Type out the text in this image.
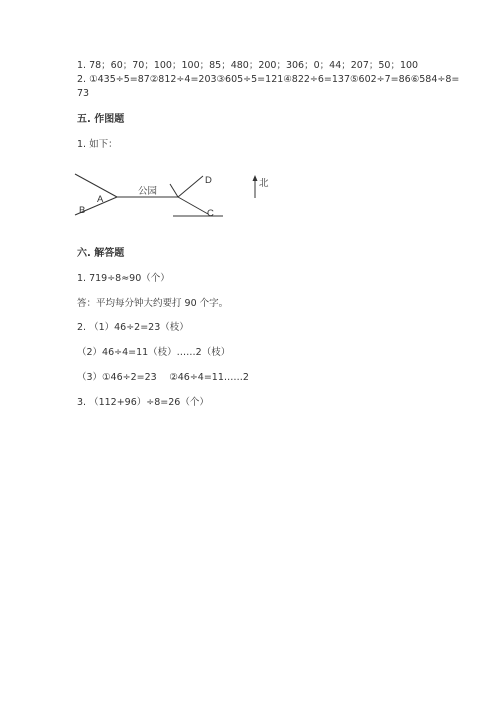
1. 78；60；70；100；100；85；480；200；306；0；44；207；50；100
2. ①435÷5=87②812÷4=203③605÷5=121④822÷6=137⑤602÷7=86⑥584÷8=
73
五. 作图题
1. 如下：
A
B
公园
D
C
北
六. 解答题
1. 719÷8≈90（个）
答：平均每分钟大约要打 90 个字。
2. （1）46÷2=23（枝）
（2）46÷4=11（枝）……2（枝）
（3）①46÷2=23　 ②46÷4=11……2
3. （112+96）÷8=26（个）
